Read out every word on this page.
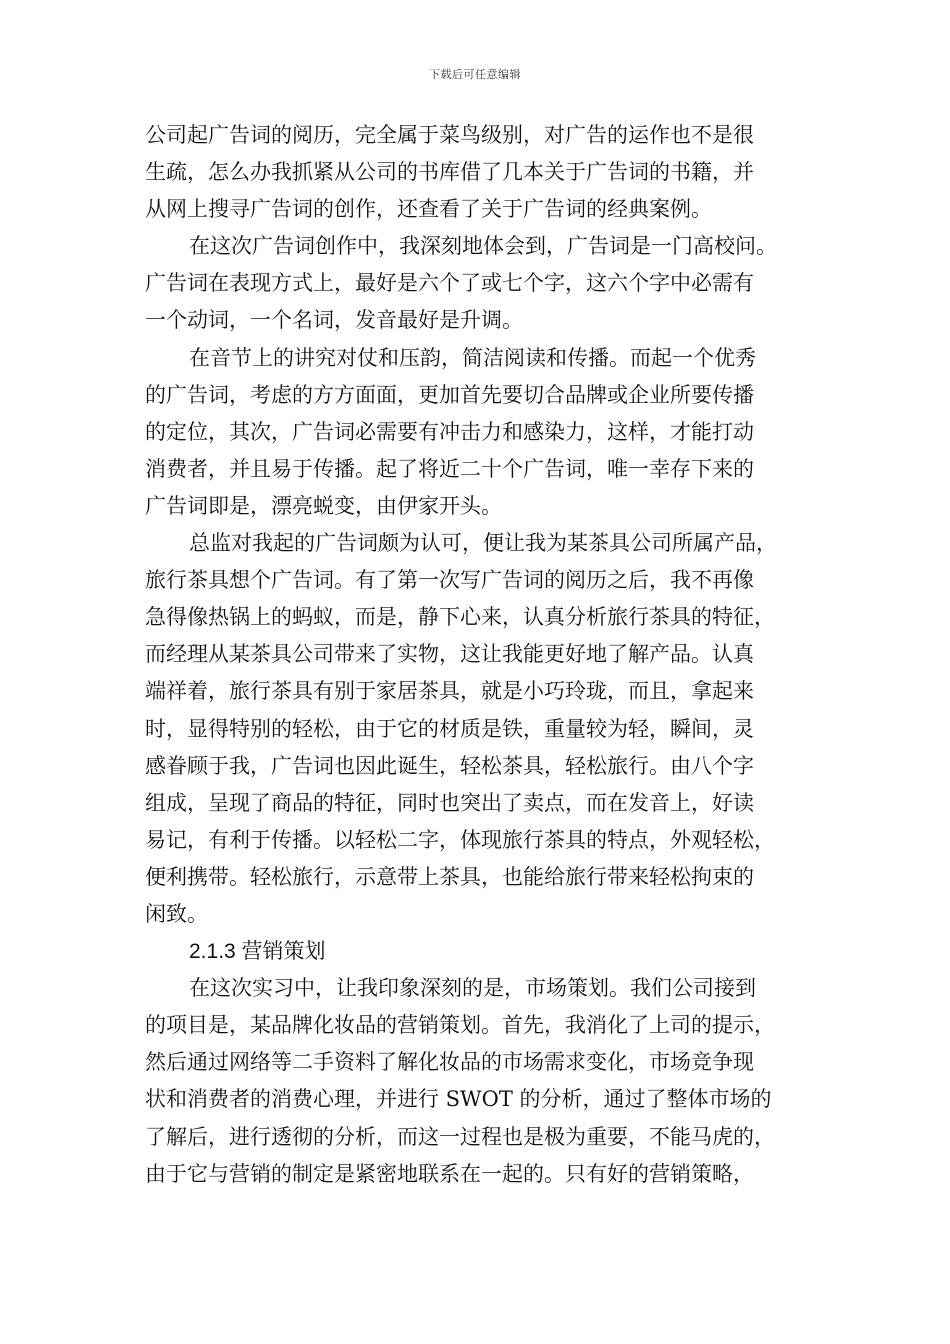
下载后可任意编辑
公司起广告词的阅历，完全属于菜鸟级别，对广告的运作也不是很
生疏，怎么办我抓紧从公司的书库借了几本关于广告词的书籍，并
从网上搜寻广告词的创作，还查看了关于广告词的经典案例。
在这次广告词创作中，我深刻地体会到，广告词是一门高校问。
广告词在表现方式上，最好是六个了或七个字，这六个字中必需有
一个动词，一个名词，发音最好是升调。
在音节上的讲究对仗和压韵，简洁阅读和传播。而起一个优秀
的广告词，考虑的方方面面，更加首先要切合品牌或企业所要传播
的定位，其次，广告词必需要有冲击力和感染力，这样，才能打动
消费者，并且易于传播。起了将近二十个广告词，唯一幸存下来的
广告词即是，漂亮蜕变，由伊家开头。
总监对我起的广告词颇为认可，便让我为某茶具公司所属产品，
旅行茶具想个广告词。有了第一次写广告词的阅历之后，我不再像
急得像热锅上的蚂蚁，而是，静下心来，认真分析旅行茶具的特征，
而经理从某茶具公司带来了实物，这让我能更好地了解产品。认真
端祥着，旅行茶具有别于家居茶具，就是小巧玲珑，而且，拿起来
时，显得特别的轻松，由于它的材质是铁，重量较为轻，瞬间，灵
感眷顾于我，广告词也因此诞生，轻松茶具，轻松旅行。由八个字
组成，呈现了商品的特征，同时也突出了卖点，而在发音上，好读
易记，有利于传播。以轻松二字，体现旅行茶具的特点，外观轻松，
便利携带。轻松旅行，示意带上茶具，也能给旅行带来轻松拘束的
闲致。
2.1.3 营销策划
在这次实习中，让我印象深刻的是，市场策划。我们公司接到
的项目是，某品牌化妆品的营销策划。首先，我消化了上司的提示，
然后通过网络等二手资料了解化妆品的市场需求变化，市场竞争现
状和消费者的消费心理，并进行 SWOT 的分析，通过了整体市场的
了解后，进行透彻的分析，而这一过程也是极为重要，不能马虎的，
由于它与营销的制定是紧密地联系在一起的。只有好的营销策略，
